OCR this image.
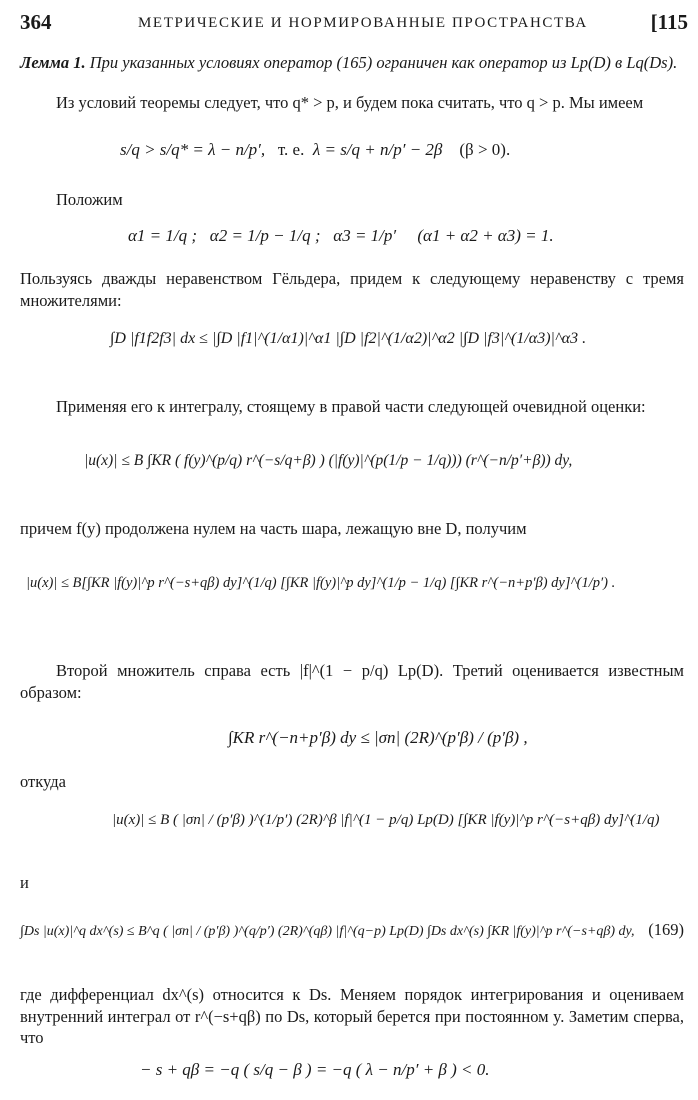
364	МЕТРИЧЕСКИЕ И НОРМИРОВАННЫЕ ПРОСТРАНСТВА	[115
Лемма 1. При указанных условиях оператор (165) ограничен как оператор из Lp(D) в Lq(Ds).
Из условий теоремы следует, что q* > p, и будем пока считать, что q > p. Мы имеем
s/q > s/q* = λ − n/p′,   т. е. λ = s/q + n/p′ − 2β (β > 0).
Положим
α1 = 1/q ; α2 = 1/p − 1/q ; α3 = 1/p′ (α1 + α2 + α3) = 1.
Пользуясь дважды неравенством Гёльдера, придем к следующему неравенству с тремя множителями:
∫D |f1f2f3| dx ≤ |∫D |f1|^(1/α1)|^α1 |∫D |f2|^(1/α2)|^α2 |∫D |f3|^(1/α3)|^α3 .
Применяя его к интегралу, стоящему в правой части следующей очевидной оценки:
|u(x)| ≤ B ∫KR ( f(y)^(p/q) r^(−s/q+β) ) (|f(y)|^(p(1/p − 1/q))) (r^(−n/p′+β)) dy,
причем f(y) продолжена нулем на часть шара, лежащую вне D, получим
|u(x)| ≤ B[∫KR |f(y)|^p r^(−s+qβ) dy]^(1/q) [∫KR |f(y)|^p dy]^(1/p − 1/q) [∫KR r^(−n+p′β) dy]^(1/p′) .
Второй множитель справа есть |f|^(1 − p/q) Lp(D). Третий оценивается известным образом:
∫KR r^(−n+p′β) dy ≤ |σn| (2R)^(p′β) / (p′β) ,
откуда
|u(x)| ≤ B ( |σn| / (p′β) )^(1/p′) (2R)^β |f|^(1 − p/q) Lp(D) [∫KR |f(y)|^p r^(−s+qβ) dy]^(1/q)
и
∫Ds |u(x)|^q dx^(s) ≤ B^q ( |σn| / (p′β) )^(q/p′) (2R)^(qβ) |f|^(q−p) Lp(D) ∫Ds dx^(s) ∫KR |f(y)|^p r^(−s+qβ) dy, (169)
где дифференциал dx^(s) относится к Ds. Меняем порядок интегрирования и оцениваем внутренний интеграл от r^(−s+qβ) по Ds, который берется при постоянном y. Заметим сперва, что
− s + qβ = −q ( s/q − β ) = −q ( λ − n/p′ + β ) < 0.
